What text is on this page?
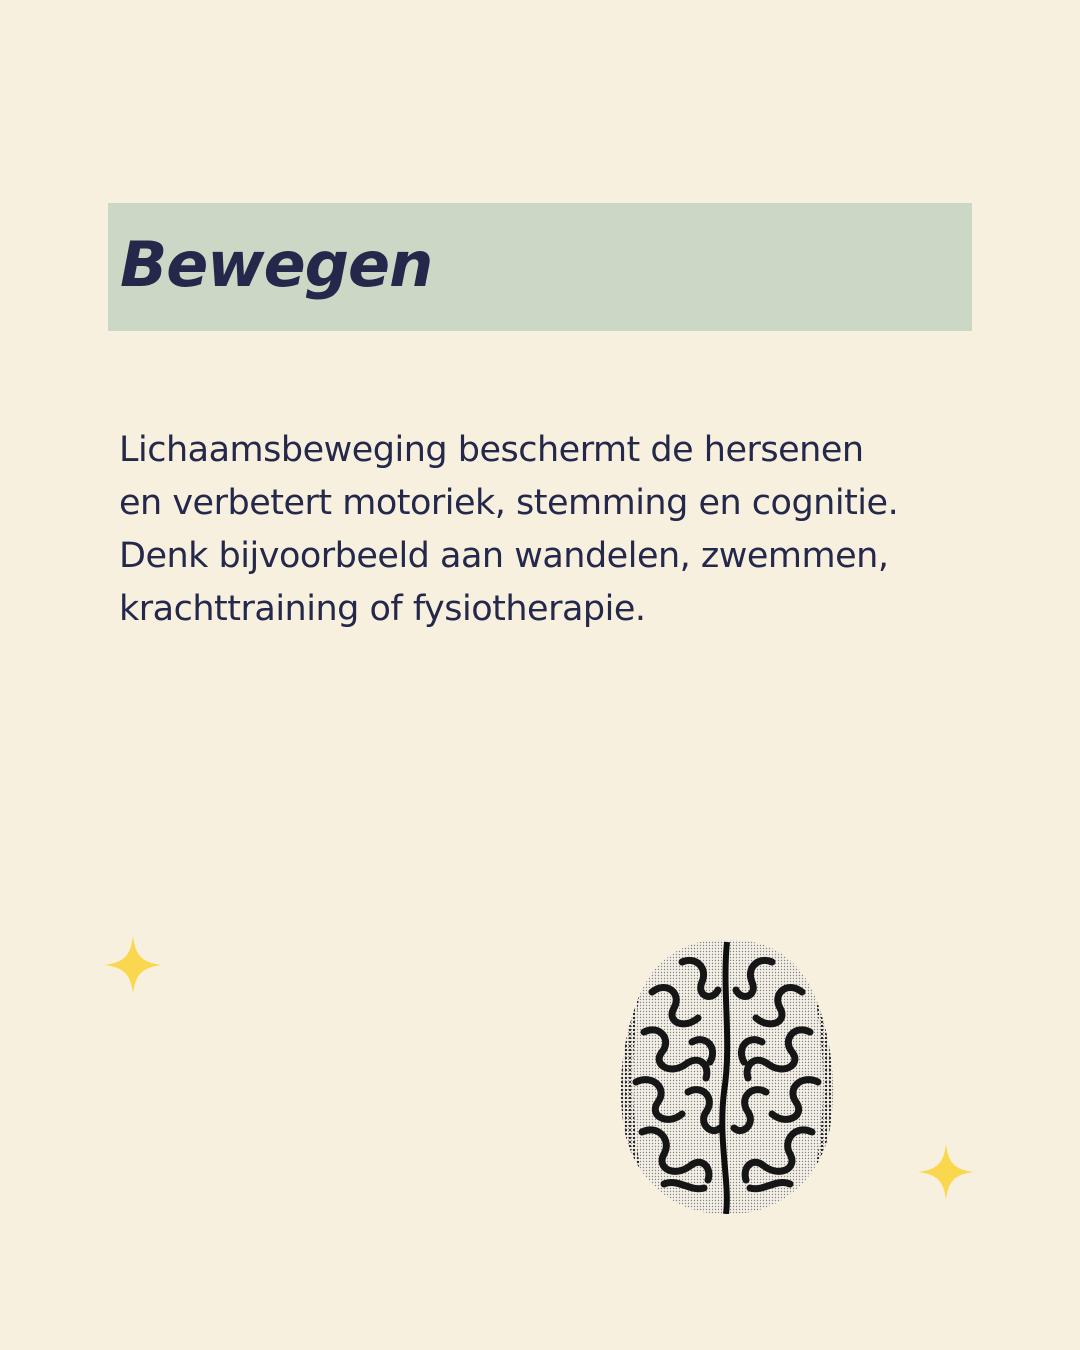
Bewegen

Lichaamsbeweging beschermt de hersenen
en verbetert motoriek, stemming en cognitie.
Denk bijvoorbeeld aan wandelen, zwemmen,
krachttraining of fysiotherapie.
